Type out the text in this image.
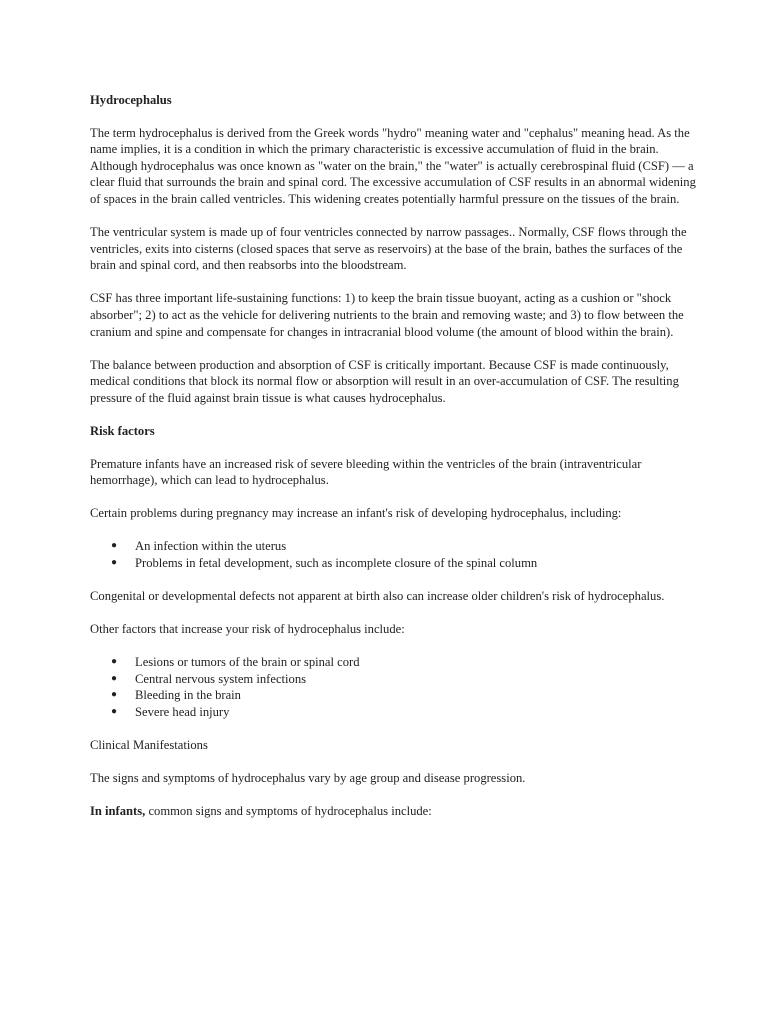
Hydrocephalus

The term hydrocephalus is derived from the Greek words "hydro" meaning water and "cephalus" meaning head. As the name implies, it is a condition in which the primary characteristic is excessive accumulation of fluid in the brain. Although hydrocephalus was once known as "water on the brain," the "water" is actually cerebrospinal fluid (CSF) — a clear fluid that surrounds the brain and spinal cord. The excessive accumulation of CSF results in an abnormal widening of spaces in the brain called ventricles. This widening creates potentially harmful pressure on the tissues of the brain.

The ventricular system is made up of four ventricles connected by narrow passages.. Normally, CSF flows through the ventricles, exits into cisterns (closed spaces that serve as reservoirs) at the base of the brain, bathes the surfaces of the brain and spinal cord, and then reabsorbs into the bloodstream.

CSF has three important life-sustaining functions: 1) to keep the brain tissue buoyant, acting as a cushion or "shock absorber"; 2) to act as the vehicle for delivering nutrients to the brain and removing waste; and 3) to flow between the cranium and spine and compensate for changes in intracranial blood volume (the amount of blood within the brain).

The balance between production and absorption of CSF is critically important. Because CSF is made continuously, medical conditions that block its normal flow or absorption will result in an over-accumulation of CSF. The resulting pressure of the fluid against brain tissue is what causes hydrocephalus.

Risk factors

Premature infants have an increased risk of severe bleeding within the ventricles of the brain (intraventricular hemorrhage), which can lead to hydrocephalus.

Certain problems during pregnancy may increase an infant's risk of developing hydrocephalus, including:

● An infection within the uterus
● Problems in fetal development, such as incomplete closure of the spinal column

Congenital or developmental defects not apparent at birth also can increase older children's risk of hydrocephalus.

Other factors that increase your risk of hydrocephalus include:

● Lesions or tumors of the brain or spinal cord
● Central nervous system infections
● Bleeding in the brain
● Severe head injury
Clinical Manifestations

The signs and symptoms of hydrocephalus vary by age group and disease progression.

In infants, common signs and symptoms of hydrocephalus include:
